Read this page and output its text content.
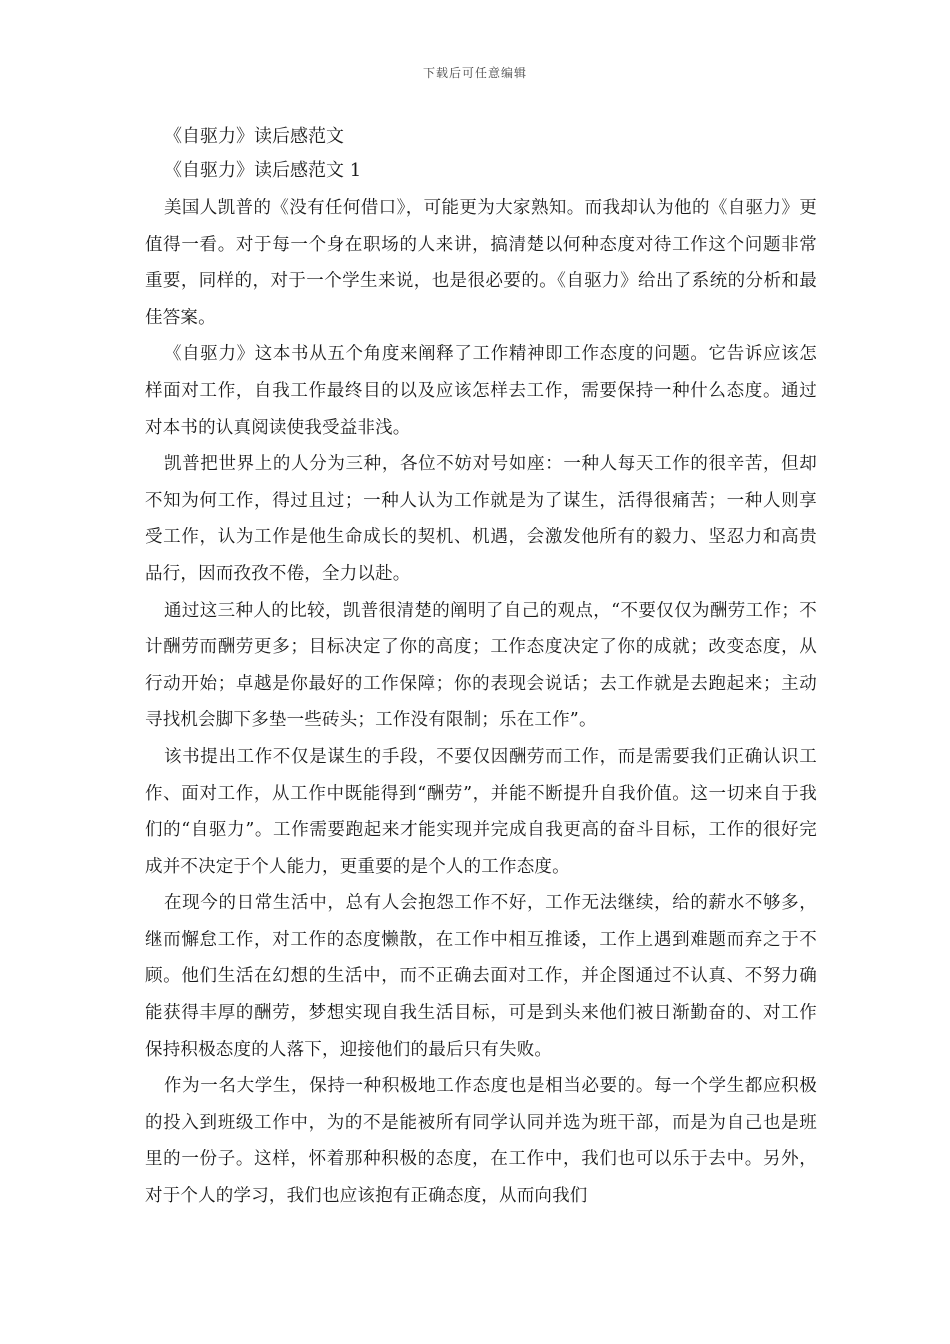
下载后可任意编辑
《自驱力》读后感范文
《自驱力》读后感范文 1

美国人凯普的《没有任何借口》，可能更为大家熟知。而我却认为他的《自驱力》更值得一看。对于每一个身在职场的人来讲，搞清楚以何种态度对待工作这个问题非常重要，同样的，对于一个学生来说，也是很必要的。《自驱力》给出了系统的分析和最佳答案。

《自驱力》这本书从五个角度来阐释了工作精神即工作态度的问题。它告诉应该怎样面对工作，自我工作最终目的以及应该怎样去工作，需要保持一种什么态度。通过对本书的认真阅读使我受益非浅。

凯普把世界上的人分为三种，各位不妨对号如座：一种人每天工作的很辛苦，但却不知为何工作，得过且过；一种人认为工作就是为了谋生，活得很痛苦；一种人则享受工作，认为工作是他生命成长的契机、机遇，会激发他所有的毅力、坚忍力和高贵品行，因而孜孜不倦，全力以赴。

通过这三种人的比较，凯普很清楚的阐明了自己的观点，“不要仅仅为酬劳工作；不计酬劳而酬劳更多；目标决定了你的高度；工作态度决定了你的成就；改变态度，从行动开始；卓越是你最好的工作保障；你的表现会说话；去工作就是去跑起来；主动寻找机会脚下多垫一些砖头；工作没有限制；乐在工作”。

该书提出工作不仅是谋生的手段，不要仅因酬劳而工作，而是需要我们正确认识工作、面对工作，从工作中既能得到“酬劳”，并能不断提升自我价值。这一切来自于我们的“自驱力”。工作需要跑起来才能实现并完成自我更高的奋斗目标，工作的很好完成并不决定于个人能力，更重要的是个人的工作态度。

在现今的日常生活中，总有人会抱怨工作不好，工作无法继续，给的薪水不够多，继而懈怠工作，对工作的态度懒散，在工作中相互推诿，工作上遇到难题而弃之于不顾。他们生活在幻想的生活中，而不正确去面对工作，并企图通过不认真、不努力确能获得丰厚的酬劳，梦想实现自我生活目标，可是到头来他们被日渐勤奋的、对工作保持积极态度的人落下，迎接他们的最后只有失败。

作为一名大学生，保持一种积极地工作态度也是相当必要的。每一个学生都应积极的投入到班级工作中，为的不是能被所有同学认同并选为班干部，而是为自己也是班里的一份子。这样，怀着那种积极的态度，在工作中，我们也可以乐于去中。另外，对于个人的学习，我们也应该抱有正确态度，从而向我们
